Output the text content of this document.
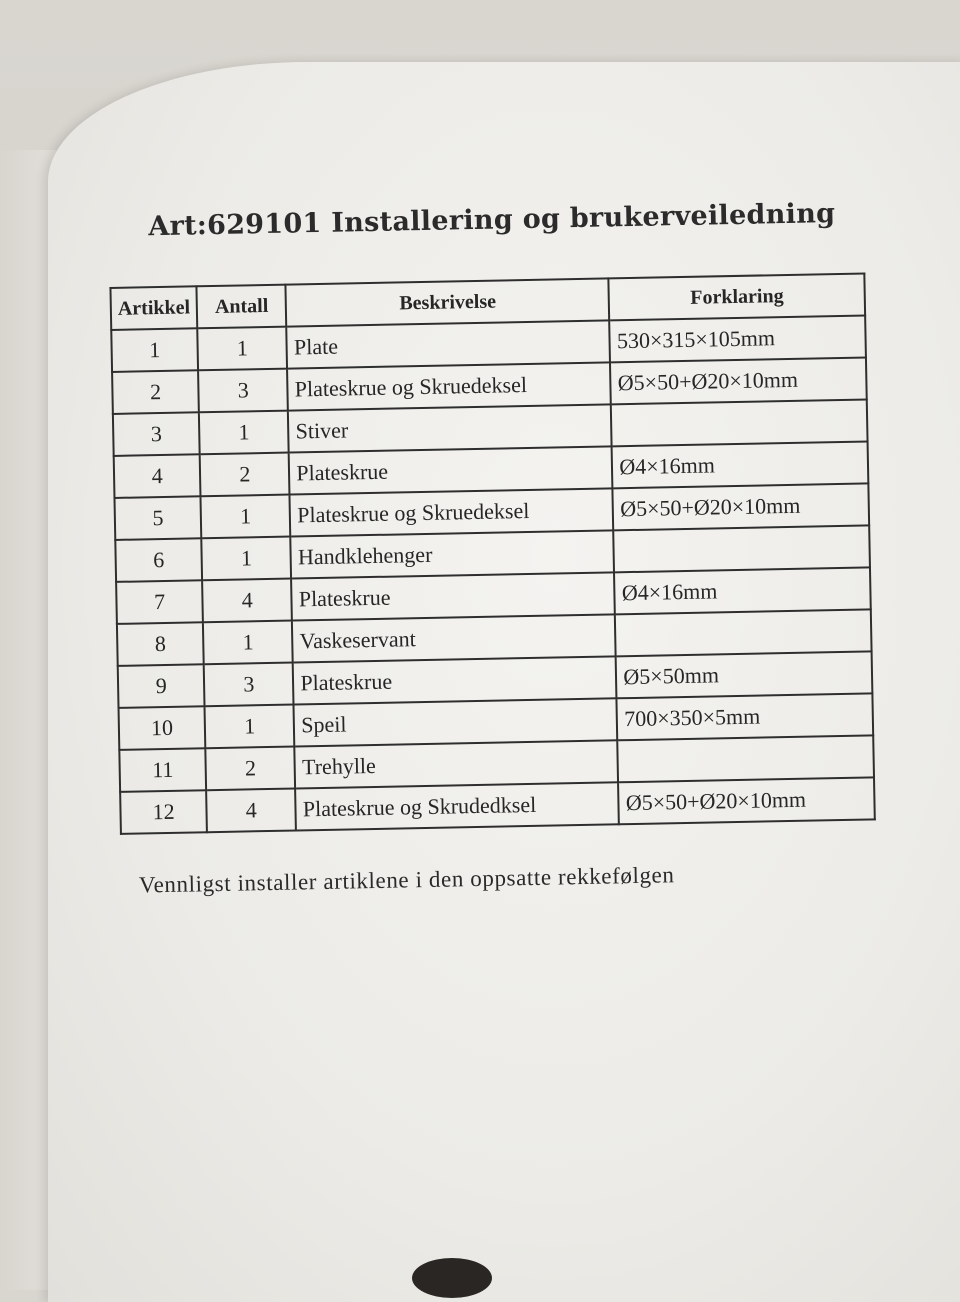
Art:629101 Installering og brukerveiledning
Artikkel	Antall	Beskrivelse	Forklaring
1	1	Plate	530×315×105mm
2	3	Plateskrue og Skruedeksel	Ø5×50+Ø20×10mm
3	1	Stiver	
4	2	Plateskrue	Ø4×16mm
5	1	Plateskrue og Skruedeksel	Ø5×50+Ø20×10mm
6	1	Handklehenger	
7	4	Plateskrue	Ø4×16mm
8	1	Vaskeservant	
9	3	Plateskrue	Ø5×50mm
10	1	Speil	700×350×5mm
11	2	Trehylle	
12	4	Plateskrue og Skrudedksel	Ø5×50+Ø20×10mm

Vennligst installer artiklene i den oppsatte rekkefølgen
